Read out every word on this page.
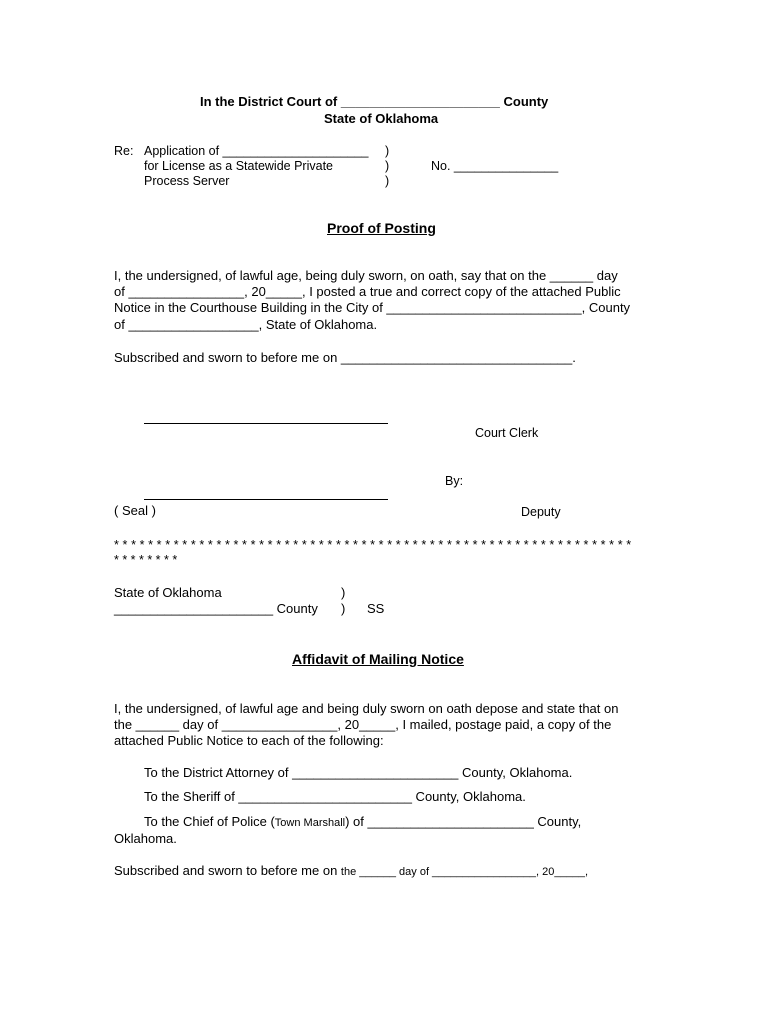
In the District Court of ______________________ County
State of Oklahoma
Re: Application of _____________________
for License as a Statewide Private
Process Server
)
)
)
No. _______________
Proof of Posting
I, the undersigned, of lawful age, being duly sworn, on oath, say that on the ______ day
of ________________, 20_____, I posted a true and correct copy of the attached Public
Notice in the Courthouse Building in the City of ___________________________, County
of __________________, State of Oklahoma.
Subscribed and sworn to before me on ________________________________.
Court Clerk
By:
( Seal )	Deputy
* * * * * * * * * * * * * * * * * * * * * * * * * * * * * * * * * * * * * * * * * * * * * * * * * * * * * * * * * * * * *
* * * * * * * *
State of Oklahoma	)
______________________ County ) SS
Affidavit of Mailing Notice
I, the undersigned, of lawful age and being duly sworn on oath depose and state that on
the ______ day of ________________, 20_____, I mailed, postage paid, a copy of the
attached Public Notice to each of the following:
To the District Attorney of _______________________ County, Oklahoma.
To the Sheriff of ________________________ County, Oklahoma.
To the Chief of Police (Town Marshall) of _______________________ County,
Oklahoma.
Subscribed and sworn to before me on the ______ day of _________________, 20_____,
